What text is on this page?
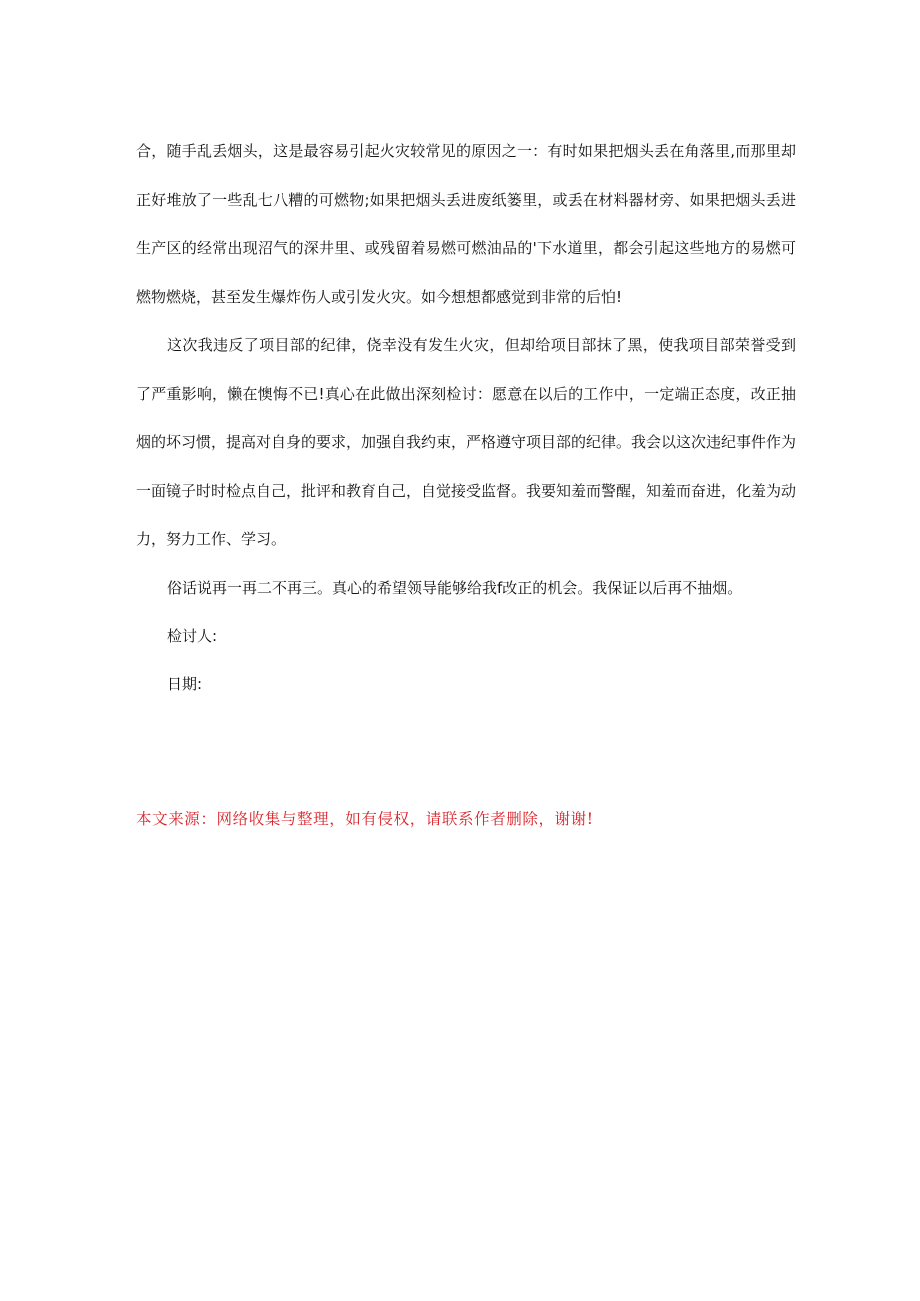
合，随手乱丢烟头，这是最容易引起火灾较常见的原因之一：有时如果把烟头丢在角落里,而那里却正好堆放了一些乱七八糟的可燃物;如果把烟头丢进废纸篓里，或丢在材料器材旁、如果把烟头丢进生产区的经常出现沼气的深井里、或残留着易燃可燃油品的'下水道里，都会引起这些地方的易燃可燃物燃烧，甚至发生爆炸伤人或引发火灾。如今想想都感觉到非常的后怕!

这次我违反了项目部的纪律，侥幸没有发生火灾，但却给项目部抹了黑，使我项目部荣誉受到了严重影响，懒在懊悔不已!真心在此做出深刻检讨：愿意在以后的工作中，一定端正态度，改正抽烟的坏习惯，提高对自身的要求，加强自我约束，严格遵守项目部的纪律。我会以这次违纪事件作为一面镜子时时检点自己，批评和教育自己，自觉接受监督。我要知羞而警醒，知羞而奋进，化羞为动力，努力工作、学习。

俗话说再一再二不再三。真心的希望领导能够给我f改正的机会。我保证以后再不抽烟。

检讨人:

日期:

本文来源：网络收集与整理，如有侵权，请联系作者删除，谢谢!
